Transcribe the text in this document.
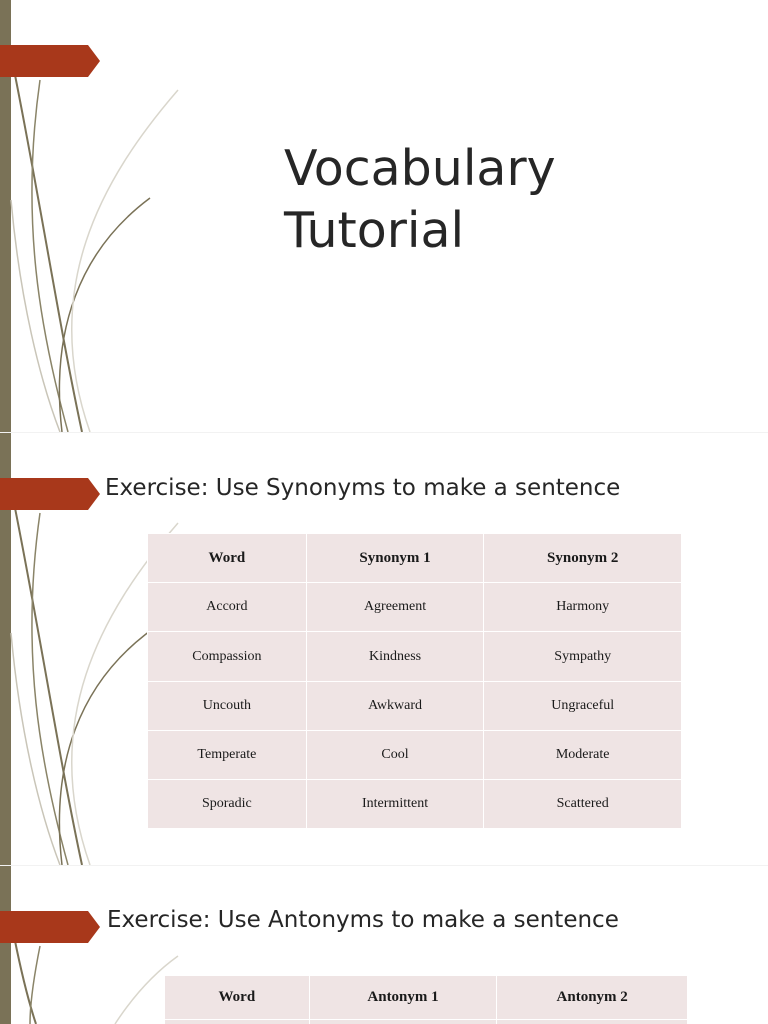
Vocabulary
Tutorial
Exercise: Use Synonyms to make a sentence
Word	Synonym 1	Synonym 2
Accord	Agreement	Harmony
Compassion	Kindness	Sympathy
Uncouth	Awkward	Ungraceful
Temperate	Cool	Moderate
Sporadic	Intermittent	Scattered
Exercise: Use Antonyms to make a sentence
Word	Antonym 1	Antonym 2
